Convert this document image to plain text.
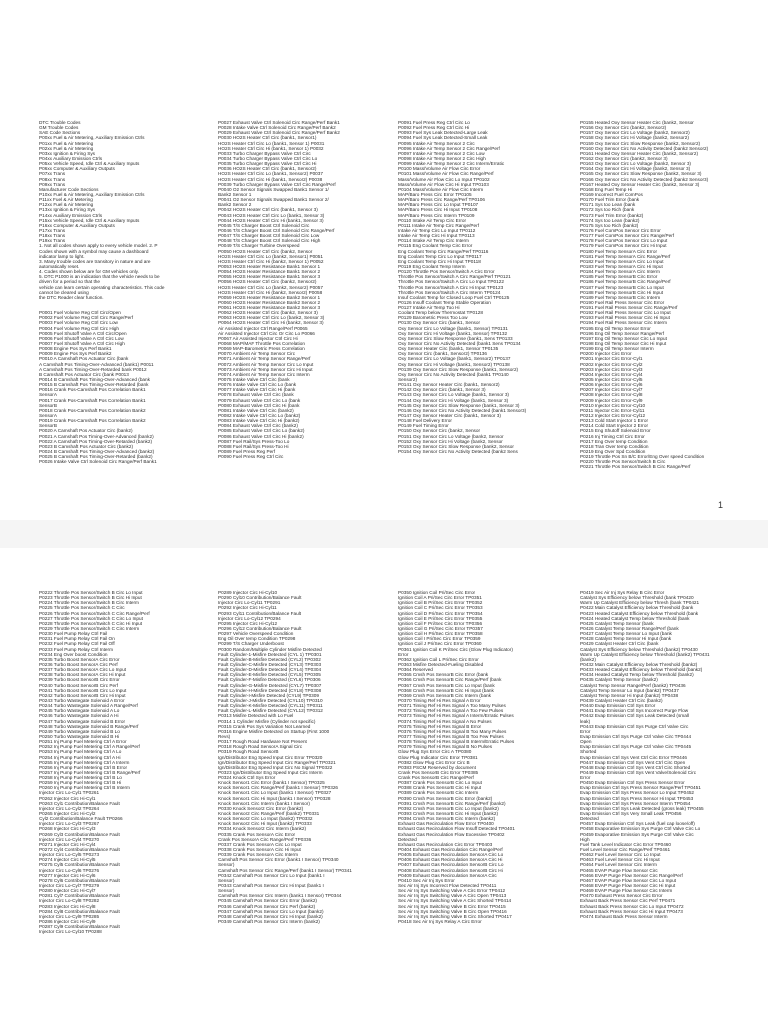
DTC Trouble Codes
GM Trouble Codes
SAE Code Sections
P00xx Fuel & Air Metering, Auxiliary Emission Ctrls
P01xx Fuel & Air Metering
P02xx Fuel & Air Metering
P03xx Ignition & Firing Sys
P04xx Auxiliary Emission Ctrls
P05xx Vehicle Speed, Idle Ctrl & Auxiliary Inputs
P06xx Computer & Auxiliary Outputs
P07xx Trans
P08xx Trans
P09xx Trans
Manufacturer Code Sections
P10xx Fuel & Air Metering, Auxiliary Emission Ctrls
P11xx Fuel & Air Metering
P12xx Fuel & Air Metering
P13xx Ignition & Firing Sys
P14xx Auxiliary Emission Ctrls
P15xx Vehicle Speed, Idle Ctrl & Auxiliary Inputs
P16xx Computer & Auxiliary Outputs
P17xx Trans
P18xx Trans
P19xx Trans
1. Not all codes shown apply to every vehicle model. 2. P
Codes shown with a symbol may cause a dashboard
indicator lamp to light.
3. Many trouble codes are transitory in nature and are
automatically reset.
4. Codes shown below are for GM vehicles only.
5. DTC P1000 is an indication that the vehicle needs to be
driven for a period so that the
vehicle can learn certain operating characteristics. This code
cannot be cleared using
the DTC Reader clear function.
P0001 Fuel Volume Reg Ctrl Circ/Open
P0002 Fuel Volume Reg Ctrl Circ Range/Perf
P0003 Fuel Volume Reg Ctrl Circ Low
P0004 Fuel Volume Reg Ctrl Circ High
P0005 Fuel Shutoff Valve A Ctrl Circ/Open
P0006 Fuel Shutoff Valve A Ctrl Circ Low
P0007 Fuel Shutoff Valve A Ctrl Circ High
P0008 Engine Pos Sys Perf Bank1
P0009 Engine Pos Sys Perf Bank2
P0010 A Camshaft Pos Actuator Circ (bank
A Camshaft Pos Timing-Over-Advanced (bank1) P0011
A Camshaft Pos Timing-Over-Retarded bank P0012
B Camshaft Pos Actuator Circ (bank P0013
P0014 B Camshaft Pos Timing-Over-Advanced (bank
P0015 B Camshaft Pos Timing-Over-Retarded (bank
P0016 Crank Pos-Camshaft Pos Correlation Bank1
SensorA
P0017 Crank Pos-Camshaft Pos Correlation Bank1
SensorB
P0018 Crank Pos-Camshaft Pos Correlation Bank2
SensorA
P0019 Crank Pos-Camshaft Pos Correlation Bank2
SensorB
P0020 A Camshaft Pos Actuator Circ (bank2)
P0021 A Camshaft Pos Timing-Over-Advanced (bank2)
P0022 A Camshaft Pos Timing-Over-Retarded (bank2)
P0023 B Camshaft Pos Actuator Circ (bank2)
P0024 B Camshaft Pos Timing-Over-Advanced (bank2)
P0025 B Camshaft Pos Timing-Over-Retarded (bank2)
P0026 Intake Valve Ctrl Solenoid Circ Range/Perf Bank1
P0027 Exhaust Valve Ctrl Solenoid Circ Range/Perf Bank1
P0028 Intake Valve Ctrl Solenoid Circ Range/Perf Bank2
P0029 Exhaust Valve Ctrl Solenoid Circ Range/Perf Bank2
P0030 HO2S Heater Ctrl Circ (bank1, Sensor1)
HO2S Heater Ctrl Circ Lo (bank1, Sensor 1) P0031
HO2S Heater Ctrl Circ Hi (bank1, Sensor 1) P0032
P0033 Turbo Charger Bypass Valve Ctrl Circ
P0034 Turbo Charger Bypass Valve Ctrl Circ Lo
P0035 Turbo Charger Bypass Valve Ctrl Circ Hi
P0036 HO2S Heater Ctrl Circ (bank1, Sensor2)
HO2S Heater Ctrl Circ Lo (bank1, Sensor2) P0037
HO2S Heater Ctrl Circ Hi (bank1, Sensor2) P0038
P0039 Turbo Charger Bypass Valve Ctrl Circ Range/Perf
P0040 O2 Sensor Signals Swapped Bank1 Sensor 1/
Bank2 Sensor 1
P0041 O2 Sensor Signals Swapped Bank1 Sensor 2/
Bank2 Sensor 2
P0042 HO2S Heater Ctrl Circ (bank1, Sensor 3)
P0043 HO2S Heater Ctrl Circ Lo (bank1, Sensor 3)
P0044 HO2S Heater Ctrl Circ Hi (bank1, Sensor 3)
P0045 T/S Charger Boost Ctrl Solenoid Circ
P0046 T/S Charger Boost Ctrl Solenoid Circ Range/Perf
P0047 T/S Charger Boost Ctrl Solenoid Circ Low
P0048 T/S Charger Boost Ctrl Solenoid Circ High
P0049 T/S Charger Turbine Overspeed
P0050 HO2S Heater Ctrl Circ (bank2, Sensor
HO2S Heater Ctrl Circ Lo (bank2, Sensor1) P0051
HO2S Heater Ctrl Circ Hi (bank2, Sensor 1) P0052
P0053 HO2S Heater Resistance Bank1 Sensor 1
P0054 HO2S Heater Resistance Bank1 Sensor 2
P0055 HO2S Heater Resistance Bank1 Sensor 3
P0056 HO2S Heater Ctrl Circ (bank2, Sensor2)
HO2S Heater Ctrl Circ Lo (bank2, Sensor2) P0057
HO2S Heater Ctrl Circ Hi (bank2, Sensor2) P0058
P0059 HO2S Heater Resistance Bank2 Sensor 1
P0060 HO2S Heater Resistance Bank2 Sensor 2
P0061 HO2S Heater Resistance Bank2 Sensor 3
P0062 HO2S Heater Ctrl Circ (bank2, Sensor 3)
P0063 HO2S Heater Ctrl Circ Lo (bank2, Sensor 3)
P0064 HO2S Heater Ctrl Circ Hi (bank2, Sensor 3)
Air Assisted Injector Ctrl Range/Perf P0065
Air Assisted Injector Ctrl Circ Or Circ Lo P0066
P0067 Air Assisted Injector Ctrl Circ Hi
P0068 MAP/MAF Throttle Pos Correlation
P0069 MAP-Barometric Press Correlation
P0070 Ambient Air Temp Sensor Circ
P0071 Ambient Air Temp Sensor Range/Perf
P0072 Ambient Air Temp Sensor Circ Lo Input
P0073 Ambient Air Temp Sensor Circ Hi Input
P0074 Ambient Air Temp Sensor Circ Interm
P0075 Intake Valve Ctrl Circ (bank
P0076 Intake Valve Ctrl Circ Lo (bank
P0077 Intake Valve Ctrl Circ Hi (bank
P0078 Exhaust Valve Ctrl Circ (bank
P0079 Exhaust Valve Ctrl Circ Lo (bank
P0080 Exhaust Valve Ctrl Circ Hi (bank
P0081 Intake Valve Ctrl Circ (bank2)
P0082 Intake Valve Ctrl Circ Lo (bank2)
P0083 Intake Valve Ctrl Circ Hi (bank2)
P0084 Exhaust Valve Ctrl Circ (bank2)
P0085 Exhaust Valve Ctrl Circ Lo (bank2)
P0086 Exhaust Valve Ctrl Circ Hi (bank2)
P0087 Fuel Rail/Sys Press-Too Lo
P0088 Fuel Rail/Sys Press-Too Hi
P0089 Fuel Press Reg Perf
P0090 Fuel Press Reg Ctrl Circ
P0091 Fuel Press Reg Ctrl Circ Lo
P0092 Fuel Press Reg Ctrl Circ Hi
P0093 Fuel Sys Leak Detected-Large Leak
P0094 Fuel Sys Leak Detected-Small Leak
P0095 Intake Air Temp Sensor 2 Circ
P0096 Intake Air Temp Sensor 2 Circ Range/Perf
P0097 Intake Air Temp Sensor 2 Circ Low
P0098 Intake Air Temp Sensor 2 Circ High
P0099 Intake Air Temp Sensor 2 Circ Interm/Erratic
P0100 Mass/Volume Air Flow Circ Error
P0101 Mass/Volume Air Flow Circ Range/Perf
Mass/Volume Air Flow Circ Lo Input TP0102
Mass/Volume Air Flow Circ Hi Input TP0103
P0104 Mass/Volume Air Flow Circ Interm
MAP/Baro Press Circ Error TP0105
MAP/Baro Press Circ Range/Perf TP0106
MAP/Baro Press Circ Lo Input TP0107
MAP/Baro Press Circ Hi Input TP0108
MAP/Baro Press Circ Interm TP0109
P0110 Intake Air Temp Circ Error
P0111 Intake Air Temp Circ Range/Perf
Intake Air Temp Circ Lo Input TP0112
Intake Air Temp Circ Hi Input TP0113
P0114 Intake Air Temp Circ Interm
P0115 Eng Coolant Temp Circ Error
Eng Coolant Temp Circ Range/Perf TP0116
Eng Coolant Temp Circ Lo Input TP0117
Eng Coolant Temp Circ Hi Input TP0118
P0119 Eng Coolant Temp Interm
P0120 Throttle Pos Sensor/Switch A Circ Error
Throttle Pos Sensor/Switch A Circ Range/Perf TP0121
Throttle Pos Sensor/Switch A Circ Lo Input TP0122
Throttle Pos Sensor/Switch A Circ Hi Input TP0123
Throttle Pos Sensor/Switch A Circ Interm TP0124
Insuf Coolant Temp for Closed Loop Fuel Ctrl TP0125
P0126 Insuff Coolant Temp Stable Operation
P0127 Intake Air Temp Too Hi
Coolant Temp below Thermostat TP0128
P0129 Barometric Press Too Low
P0130 Oxy Sensor Circ (bank1, Sensor
Oxy Sensor Circ Lo Voltage (bank1, Sensor) TP0131
Oxy Sensor Circ Hi Voltage (bank1, Sensor) TP0132
Oxy Sensor Circ Slow Response (bank1, Sens TP0133
Oxy Sensor Circ No Activity Detected (bank1 Sens TP0134
Oxy Sensor Heater Circ (bank1, Sensor TP0135
Oxy Sensor Circ (bank1, Sensor2) TP0136
Oxy Sensor Circ Lo Voltage (bank1, Sensor2) TP0137
Oxy Sensor Circ Hi Voltage (bank1, Sensor2) TP0138
P0139 Oxy Sensor Circ Slow Response (bank1, Sensor2)
Oxy Sensor Circ No Activity Detected (bank1 TP0140
Sensor2)
P0141 Oxy Sensor Heater Circ (bank1, Sensor2)
P0142 Oxy Sensor Circ (bank1, Sensor 3)
P0143 Oxy Sensor Circ Lo Voltage (bank1, Sensor 3)
P0144 Oxy Sensor Circ Hi Voltage (bank1, Sensor 3)
P0145 Oxy Sensor Circ Slow Response (bank1, Sensor 3)
P0146 Oxy Sensor Circ No Activity Detected (bank1 Sensor3)
P0147 Oxy Sensor Heater Circ (bank1, Sensor 3)
P0148 Fuel Delivery Error
P0149 Fuel Timing Error
P0150 Oxy Sensor Circ (bank2, Sensor
P0151 Oxy Sensor Circ Lo Voltage (bank2, Sensor
P0152 Oxy Sensor Circ Hi Voltage (bank2, Sensor
P0153 Oxy Sensor Circ Slow Response (bank2, Sensor
P0154 Oxy Sensor Circ No Activity Detected (bank2 Sens
P0155 Heated Oxy Sensor Heater Circ (bank2, Sensor
P0156 Oxy Sensor Circ (bank2, Sensor2)
P0157 Oxy Sensor Circ Lo Voltage (bank2, Sensor2)
P0158 Oxy Sensor Circ Hi Voltage (bank2, Sensor2)
P0159 Oxy Sensor Circ Slow Response (bank2, Sensor2)
P0160 Oxy Sensor Circ No Activity Detected (bank2 Sensor2)
P0161 Heated Oxy Sensor Heater Circ (bank2, Sensor2)
P0162 Oxy Sensor Circ (bank2, Sensor 3)
P0163 Oxy Sensor Circ Lo Voltage (bank2, Sensor 3)
P0164 Oxy Sensor Circ Hi Voltage (bank2, Sensor 3)
P0165 Oxy Sensor Circ Slow Response (bank2, Sensor 3)
P0166 Oxy Sensor Circ No Activity Detected (bank2 Sensor3)
P0167 Heated Oxy Sensor Heater Circ (bank2, Sensor 3)
P0168 Eng Fuel Temp Hi
P0169 Incorrect Fuel ComPos
P0170 Fuel Trim Error (bank
P0171 Sys too Lean (bank
P0172 Sys too Rich (bank
P0173 Fuel Trim Error (bank2)
P0174 Sys too Lean (bank2)
P0175 Sys too Rich (bank2)
P0176 Fuel ComPos Sensor Circ Error
P0177 Fuel ComPos Sensor Circ Range/Perf
P0178 Fuel ComPos Sensor Circ Lo Input
P0179 Fuel ComPos Sensor Circ Hi Input
P0180 Fuel Temp SensorA Circ Error
P0181 Fuel Temp SensorA Circ Range/Perf
P0182 Fuel Temp SensorA Circ Lo Input
P0183 Fuel Temp SensorA Circ Hi Input
P0184 Fuel Temp SensorA Circ Interm
P0185 Fuel Temp SensorB Circ Error
P0186 Fuel Temp SensorB Circ Range/Perf
P0187 Fuel Temp SensorB Circ Lo Input
P0188 Fuel Temp SensorB Circ Hi Input
P0189 Fuel Temp SensorB Circ Interm
P0190 Fuel Rail Press Sensor Circ Error
P0191 Fuel Rail Press Sensor Circ Range/Perf
P0192 Fuel Rail Press Sensor Circ Lo Input
P0193 Fuel Rail Press Sensor Circ Hi Input
P0194 Fuel Rail Press Sensor Circ Interm
P0195 Eng Oil Temp Sensor Error
P0196 Eng Oil Temp Sensor Range/Perf
P0197 Eng Oil Temp Sensor Circ Lo Input
P0198 Eng Oil Temp Sensor Circ Hi Input
P0199 Eng Oil Temp Sensor Interm
P0200 Injector Circ Error
P0201 Injector Circ Error-Cyl1
P0202 Injector Circ Error-Cyl2
P0203 Injector Circ Error-Cyl3
P0204 Injector Circ Error-Cyl4
P0205 Injector Circ Error-Cyl5
P0206 Injector Circ Error-Cyl6
P0207 Injector Circ Error-Cyl7
P0208 Injector Circ Error-Cyl8
P0209 Injector Circ Error-Cyl9
P0210 Injector Circ Error-Cyl10
P0211 Injector Circ Error-Cyl11
P0212 Injector Circ Error-Cyl12
P0213 Cold Start Injector 1 Error
P0214 Cold Start Injector 2 Error
P0215 Eng Shutoff Solenoid Error
P0216 Inj Timing Ctrl Circ Error
P0217 Eng Over temp Condition
P0218 Tran Over temp Condition
P0219 Eng Over Spd Condition
P0219 Throttle Pos Sn B/C Error/Eng Over speed Condition
P0220 Throttle Pos Sensor/Switch B Circ
P0221 Throttle Pos Sensor/Switch B Circ Range/Perf
1
P0222 Throttle Pos Sensor/Switch B Circ Lo Input
P0223 Throttle Pos Sensor/Switch B Circ Hi Input
P0224 Throttle Pos Sensor/Switch B Circ Interm
P0225 Throttle Pos Sensor/Switch C Circ
P0226 Throttle Pos Sensor/Switch C Circ Range/Perf
P0227 Throttle Pos Sensor/Switch C Circ Lo Input
P0228 Throttle Pos Sensor/Switch C Circ Hi Input
P0229 Throttle Pos Sensor/Switch C Circ Interm
P0230 Fuel Pump Relay Ctrl Fail
P0231 Fuel Pump Relay Ctrl Fail On
P0232 Fuel Pump Relay Ctrl Fail Off
P0233 Fuel Pump Relay Ctrl Interm
P0234 Eng Over boost Condition
P0235 Turbo Boost SensorA Circ Error
P0236 Turbo Boost SensorA Circ Perf
P0237 Turbo Boost SensorA Circ Lo Input
P0238 Turbo Boost SensorA Circ Hi Input
P0239 Turbo Boost SensorB Circ Error
P0240 Turbo Boost SensorB Circ Perf
P0241 Turbo Boost SensorB Circ Lo Input
P0242 Turbo Boost SensorB Circ Hi Input
P0243 Turbo Wastegate Solenoid A Error
P0244 Turbo Wastegate Solenoid A Range/Perf
P0245 Turbo Wastegate Solenoid A Lo
P0246 Turbo Wastegate Solenoid A Hi
P0247 Turbo Wastegate Solenoid B Error
P0248 Turbo Wastegate Solenoid B Range/Perf
P0249 Turbo Wastegate Solenoid B Lo
P0250 Turbo Wastegate Solenoid B Hi
P0251 Inj Pump Fuel Metering Ctrl A Error
P0252 Inj Pump Fuel Metering Ctrl A Range/Perf
P0253 Inj Pump Fuel Metering Ctrl A Lo
P0254 Inj Pump Fuel Metering Ctrl A Hi
P0255 Inj Pump Fuel Metering Ctrl A Interm
P0256 Inj Pump Fuel Metering Ctrl B Error
P0257 Inj Pump Fuel Metering Ctrl B Range/Perf
P0258 Inj Pump Fuel Metering Ctrl B Lo
P0259 Inj Pump Fuel Metering Ctrl B Hi
P0260 Inj Pump Fuel Metering Ctrl B Interm
Injector Circ Lo-Cyl1 TP0261
P0262 Injector Circ Hi-Cyl1
P0263 Cyl1 Contribution/Balance Fault
Injector Circ Lo-Cyl2 TP0264
P0265 Injector Circ Hi-Cyl2
Cyl2 Contribution/Balance Fault TP0266
Injector Circ Lo-Cyl3 TP0267
P0268 Injector Circ Hi-Cyl3
P0269 Cyl3 Contribution/Balance Fault
Injector Circ Lo-Cyl4 TP0270
P0271 Injector Circ Hi-Cyl4
P0272 Cyl4 Contribution/Balance Fault
Injector Circ Lo-Cyl5 TP0273
P0274 Injector Circ Hi-Cyl5
P0275 Cyl5 Contribution/Balance Fault
Injector Circ Lo-Cyl6 TP0276
P0277 Injector Circ Hi-Cyl6
P0278 Cyl6 Contribution/Balance Fault
Injector Circ Lo-Cyl7 TP0279
P0280 Injector Circ Hi-Cyl7
P0281 Cyl7 Contribution/Balance Fault
Injector Circ Lo-Cyl8 TP0282
P0283 Injector Circ Hi-Cyl8
P0284 Cyl8 Contribution/Balance Fault
Injector Circ Lo-Cyl9 TP0285
P0286 Injector Circ Hi-Cyl9
P0287 Cyl9 Contribution/Balance Fault
Injector Circ Lo-Cyl10 TP0288
P0289 Injector Circ Hi-Cyl10
P0290 Cyl10 Contribution/Balance Fault
Injector Circ Lo-Cyl11 TP0291
P0292 Injector Circ Hi-Cyl11
P0293 Cyl11 Contribution/Balance Fault
Injector Circ Lo-Cyl12 TP0294
P0295 Injector Circ Hi-Cyl12
P0296 Cyl12 Contribution/Balance Fault
P0297 Vehicle Overspeed Condition
Eng Oil Over temp Condition TP0298
P0299 T/S Charger Underboost
P0300 Random/Multiple Cylinder Misfire Detected
Fault Cylinder-1-Misfire Detected (CYL 1) TP0301
Fault Cylinder-B-Misfire Detected (CYL2) TP0302
Fault Cylinder-C-Misfire Detected (CYL3) TP0303
Fault Cylinder-D-Misfire Detected (CYL4) TP0304
Fault Cylinder-E-Misfire Detected (CYL5) TP0305
Fault Cylinder-F-Misfire Detected (CYL6) TP0306
Fault Cylinder-G-Misfire Detected (CYL7) TP0307
Fault Cylinder-H-Misfire Detected (CYL8) TP0308
Fault Cylinder-I-Misfire Detected (CYL9) TP0309
Fault Cylinder-J-Misfire Detected (CYL10) TP0310
Fault Cylinder-K-Misfire Detected (CYL11) TP0311
Fault Cylinder-L-Misfire Detected (CYL12) TP0312
P0313 Misfire Detected with Lo Fuel
P0314 1 Cylinder Misfire (Cylinder not specific)
P0315 Crank Pos Sys Variation Not Learned
P0316 Engine Misfire Detected on Startup (First 1000
Revs)
P0317 Rough Road Hardware Not Present
P0318 Rough Road SensorA Signal Circ
P0319 Rough Road SensorB
Ign/Distributor Eng Speed Input Circ Error TP0320
Ign/Distributor Eng Speed Input Circ Range/Perf TP0321
Ign/Distributor Eng Speed Input Circ No Signal TP0322
P0323 Ign/Distributor Eng Speed Input Circ Interm
P0324 Knock Ctrl Sys Error
Knock Sensor1 Circ Error (bank1 I Sensor) TP0325
Knock Sensor1 Circ Range/Perf (bank1 I Sensor) TP0326
Knock Sensor1 Circ Lo Input (bank1 I Sensor) TP0327
Knock Sensor1 Circ Hi Input (bank1 I Sensor) TP0328
Knock Sensor1 Circ Interm (bank1 I Sensor)
P0330 Knock Sensor2 Circ Error (bank2)
Knock Sensor2 Circ Range/Perf (bank2) TP0331
Knock Sensor2 Circ Lo Input (bank2) TP0332
Knock Sensor2 Circ Hi Input (bank2) TP0333
P0334 Knock Sensor2 Circ Interm (bank2)
P0335 Crank Pos SensorA Circ Error
Crank Pos SensorA Circ Range/Perf TP0336
P0337 Crank Pos SensorA Circ Lo Input
P0338 Crank Pos SensorA Circ Hi Input
P0339 Crank Pos SensorA Circ Interm
Camshaft Pos Sensor Circ Error (bank1 I Sensor) TP0340
Sensor)
Camshaft Pos Sensor Circ Range/Perf (bank1 I Sensor) TP0341
P0342 Camshaft Pos Sensor Circ Lo Input (bank1 I
Sensor)
P0343 Camshaft Pos Sensor Circ Hi Input (bank1 I
Sensor)
Camshaft Pos Sensor Circ Interm (bank1 I Sensor) TP0344
P0345 Camshaft Pos Sensor Circ Error (bank2)
P0346 Camshaft Pos Sensor Circ Perf (bank2)
P0347 Camshaft Pos Sensor Circ Lo Input (bank2)
P0348 Camshaft Pos Sensor Circ Hi Input (bank2)
P0349 Camshaft Pos Sensor Circ Interm (bank2)
P0350 Ignition Coil Pri/Sec Circ Error
Ignition Coil A Pri/Sec Circ Error TP0351
Ignition Coil B Pri/Sec Circ Error TP0352
Ignition Coil C Pri/Sec Circ Error TP0353
Ignition Coil D Pri/Sec Circ Error TP0354
Ignition Coil E Pri/Sec Circ Error TP0355
Ignition Coil F Pri/Sec Circ Error TP0356
Ignition Coil G Pri/Sec Circ Error TP0357
Ignition Coil H Pri/Sec Circ Error TP0358
Ignition Coil I Pri/Sec Circ Error TP0359
Ignition Coil J Pri/Sec Circ Error TP0360
P0361 Ignition Coil K Pri/Sec Circ (Glow Plug Indicator)
Error
P0362 Ignition Coil L Pri/Sec Circ Error
P0363 Misfire Detected-Fueling Disabled
P0364 Reserved
P0365 Cmsh Pos SensorB Circ Error (bank
P0366 Cmsh Pos SensorB Circ Range/Perf (bank
P0367 Cmsh Pos SensorB Circ Lo Input (bank
P0368 Cmsh Pos SensorB Circ Hi Input (bank
P0369 Cmsh Pos SensorB Circ Interm (bank
P0370 Timing Ref Hi Res Signal A Error
P0371 Timing Ref Hi Res Signal A Too Many Pulses
P0372 Timing Ref Hi Res Signal A Too Few Pulses
P0373 Timing Ref Hi Res Signal A Interm/Erratic Pulses
P0374 Timing Ref Hi Res Signal A No Pulses
P0375 Timing Ref Hi Res Signal B Error
P0376 Timing Ref Hi Res Signal B Too Many Pulses
P0377 Timing Ref Hi Res Signal B Too Few Pulses
P0378 Timing Ref Hi Res Signal B Interm/Erratic Pulses
P0379 Timing Ref Hi Res Signal B No Pulses
Glow Plug Sys Error Circ A TP0380
Glow Plug Indicator Circ Error TP0381
P0382 Glow Plug Circ Error Circ B
P0383 PSCM Reserved by document
Crank Pos SensorB Circ Error TP0385
Crank Pos SensorB Circ Range/Perf
P0387 Crank Pos SensorB Circ Lo Input
P0388 Crank Pos SensorB Circ Hi Input
P0389 Crank Pos SensorB Circ Interm
P0390 Cmsh Pos SensorB Circ Error (bank2)
P0391 Cmsh Pos SensorB Circ Range/Perf (bank2)
P0392 Cmsh Pos SensorB Circ Lo Input (bank2)
P0393 Cmsh Pos SensorB Circ Hi Input (bank2)
P0394 Cmsh Pos SensorB Circ Interm (bank2)
Exhaust Gas Recirculation Flow Error TP0400
Exhaust Gas Recirculation Flow Insuff Detected TP0401
Exhaust Gas Recirculation Flow Excessive TP0402
Detected
Exhaust Gas Recirculation Circ Error TP0403
P0404 Exhaust Gas Recirculation Circ Range/Perf
P0405 Exhaust Gas Recirculation SensorA Circ Lo
P0406 Exhaust Gas Recirculation SensorA Circ Hi
P0407 Exhaust Gas Recirculation SensorB Circ Lo
P0408 Exhaust Gas Recirculation SensorB Circ Hi
P0409 Exhaust Gas Recirculation SensorA Circ
P0410 Sec Air Inj Sys Error
Sec Air Inj Sys Incorrect Flow Detected TP0411
Sec Air Inj Sys Switching Valve A Circ Error TP0412
Sec Air Inj Sys Switching Valve A Circ Open TP0413
Sec Air Inj Sys Switching Valve A Circ Shorted TP0414
Sec Air Inj Sys Switching Valve B Circ Error TP0415
Sec Air Inj Sys Switching Valve B Circ Open TP0416
Sec Air Inj Sys Switching Valve B Circ Shorted TP0417
P0418 Sec Air Inj Sys Relay A Circ Error
P0419 Sec Air Inj Sys Relay B Circ Error
Catalyst Sys Efficiency below Threshold (bank TP0420
Warm Up Catalyst Efficiency below Thresh (bank TP0421
P0422 Main Catalyst Efficiency below Threshold (bank
P0423 Heated Catalyst Efficiency below Threshold (bank
P0424 Heated Catalyst Temp below Threshold (bank
P0425 Catalyst Temp Sensor (bank
P0426 Catalyst Temp Sensor Range/Perf (bank
P0427 Catalyst Temp Sensor Lo Input (bank
P0428 Catalyst Temp Sensor Hi Input (bank
P0429 Catalyst Heater Ctrl Circ (bank
Catalyst Sys Efficiency below Threshold (bank2) TP0430
Warm Up Catalyst Efficiency below Threshold (bank2) TP0431
(bank2)
P0432 Main Catalyst Efficiency below Threshold (bank2)
P0433 Heated Catalyst Efficiency below Threshold (bank2)
P0434 Heated Catalyst Temp below Threshold (bank2)
P0435 Catalyst Temp Sensor (bank2)
Catalyst Temp Sensor Range/Perf (bank2) TP0436
Catalyst Temp Sensor Lo Input (bank2) TP0437
Catalyst Temp Sensor Hi Input (bank2) TP0438
P0439 Catalyst Heater Ctrl Circ (bank2)
P0440 Evap Emission Ctrl Sys Error
P0441 Evap Emission Ctrl Sys Incorrect Purge Flow
P0442 Evap Emission Ctrl Sys Leak Detected (small
leak)
P0443 Evap Emission Ctrl Sys Purge Ctrl Valve Circ
Error
Evap Emission Ctrl Sys Purge Ctrl Valve Circ TP0444
Open
Evap Emission Ctrl Sys Purge Ctrl Valve Circ TP0445
Shorted
Evap Emission Ctrl Sys Vent Ctrl Circ Error TP0446
P0447 Evap Emission Ctrl Sys Vent Ctrl Circ Open
P0448 Evap Emission Ctrl Sys Vent Ctrl Circ Shorted
P0449 Evap Emission Ctrl Sys Vent Valve/Solenoid Circ
Error
P0450 Evap Emission Ctrl Sys Press Sensor Error
Evap Emission Ctrl Sys Press Sensor Range/Perf TP0451
Evap Emission Ctrl Sys Press Sensor Lo Input TP0452
Evap Emission Ctrl Sys Press Sensor Hi Input TP0453
Evap Emission Ctrl Sys Press Sensor Interm TP0454
Evap Emission Ctrl Sys Leak Detected (gross leak) TP0455
Evap Emission Ctrl Sys Very Small Leak TP0456
Detected
P0457 Evap Emission Ctrl Sys Leak (fuel cap loose/off)
P0458 Evaporative Emission Sys Purge Ctrl Valve Circ Lo
P0459 Evaporative Emission Sys Purge Ctrl Valve Circ
High
Fuel Tank Level Indicator Circ Error TP0460
Fuel Level Sensor Circ Range/Perf TP0461
P0462 Fuel Level Sensor Circ Lo Input
P0463 Fuel Level Sensor Circ Hi Input
P0464 Fuel Level Sensor Circ Interm
P0465 EVAP Purge Flow Sensor Circ
P0466 EVAP Purge Flow Sensor Circ Range/Perf
P0467 EVAP Purge Flow Sensor Circ Lo Input
P0468 EVAP Purge Flow Sensor Circ Hi Input
P0469 EVAP Purge Flow Sensor Circ Interm
P0470 Exhaust Press Sensor Circ Error
Exhaust Back Press Sensor Circ Perf TP0471
Exhaust Back Press Sensor Circ Lo Input TP0472
Exhaust Back Press Sensor Circ Hi Input TP0473
P0474 Exhaust Back Press Sensor Interm
